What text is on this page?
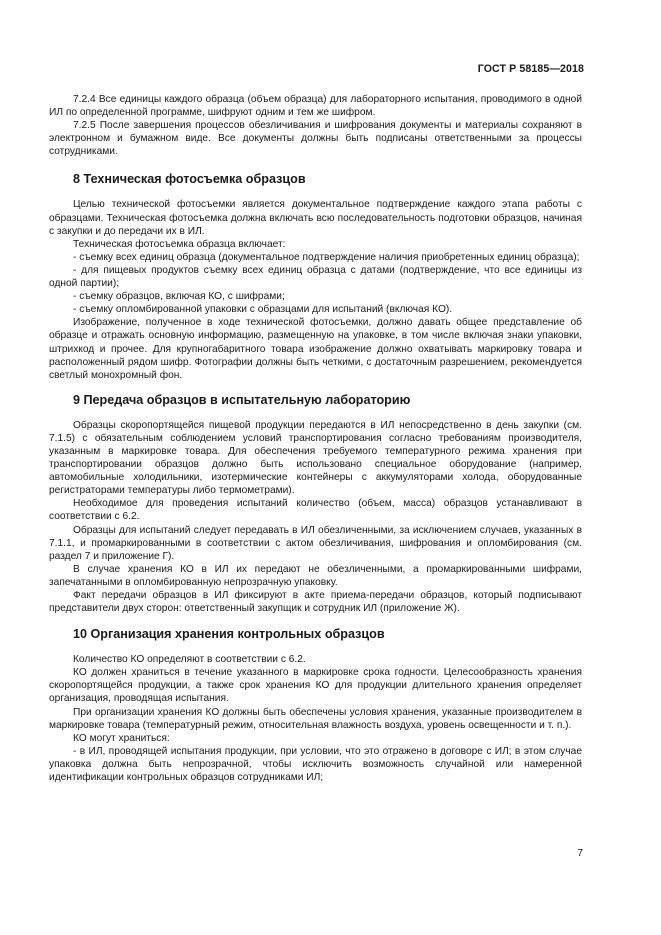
ГОСТ Р 58185—2018

7.2.4 Все единицы каждого образца (объем образца) для лабораторного испытания, проводимого в одной ИЛ по определенной программе, шифруют одним и тем же шифром.

7.2.5 После завершения процессов обезличивания и шифрования документы и материалы сохраняют в электронном и бумажном виде. Все документы должны быть подписаны ответственными за процессы сотрудниками.

8 Техническая фотосъемка образцов

Целью технической фотосъемки является документальное подтверждение каждого этапа работы с образцами. Техническая фотосъемка должна включать всю последовательность подготовки образцов, начиная с закупки и до передачи их в ИЛ.

Техническая фотосъемка образца включает:

- съемку всех единиц образца (документальное подтверждение наличия приобретенных единиц образца);

- для пищевых продуктов съемку всех единиц образца с датами (подтверждение, что все единицы из одной партии);

- съемку образцов, включая КО, с шифрами;

- съемку опломбированной упаковки с образцами для испытаний (включая КО).

Изображение, полученное в ходе технической фотосъемки, должно давать общее представление об образце и отражать основную информацию, размещенную на упаковке, в том числе включая знаки упаковки, штрихкод и прочее. Для крупногабаритного товара изображение должно охватывать маркировку товара и расположенный рядом шифр. Фотографии должны быть четкими, с достаточным разрешением, рекомендуется светлый монохромный фон.

9 Передача образцов в испытательную лабораторию

Образцы скоропортящейся пищевой продукции передаются в ИЛ непосредственно в день закупки (см. 7.1.5) с обязательным соблюдением условий транспортирования согласно требованиям производителя, указанным в маркировке товара. Для обеспечения требуемого температурного режима хранения при транспортировании образцов должно быть использовано специальное оборудование (например, автомобильные холодильники, изотермические контейнеры с аккумуляторами холода, оборудованные регистраторами температуры либо термометрами).

Необходимое для проведения испытаний количество (объем, масса) образцов устанавливают в соответствии с 6.2.

Образцы для испытаний следует передавать в ИЛ обезличенными, за исключением случаев, указанных в 7.1.1, и промаркированными в соответствии с актом обезличивания, шифрования и опломбирования (см. раздел 7 и приложение Г).

В случае хранения КО в ИЛ их передают не обезличенными, а промаркированными шифрами, запечатанными в опломбированную непрозрачную упаковку.

Факт передачи образцов в ИЛ фиксируют в акте приема-передачи образцов, который подписывают представители двух сторон: ответственный закупщик и сотрудник ИЛ (приложение Ж).

10 Организация хранения контрольных образцов

Количество КО определяют в соответствии с 6.2.

КО должен храниться в течение указанного в маркировке срока годности. Целесообразность хранения скоропортящейся продукции, а также срок хранения КО для продукции длительного хранения определяет организация, проводящая испытания.

При организации хранения КО должны быть обеспечены условия хранения, указанные производителем в маркировке товара (температурный режим, относительная влажность воздуха, уровень освещенности и т. п.).

КО могут храниться:

- в ИЛ, проводящей испытания продукции, при условии, что это отражено в договоре с ИЛ; в этом случае упаковка должна быть непрозрачной, чтобы исключить возможность случайной или намеренной идентификации контрольных образцов сотрудниками ИЛ;

7
